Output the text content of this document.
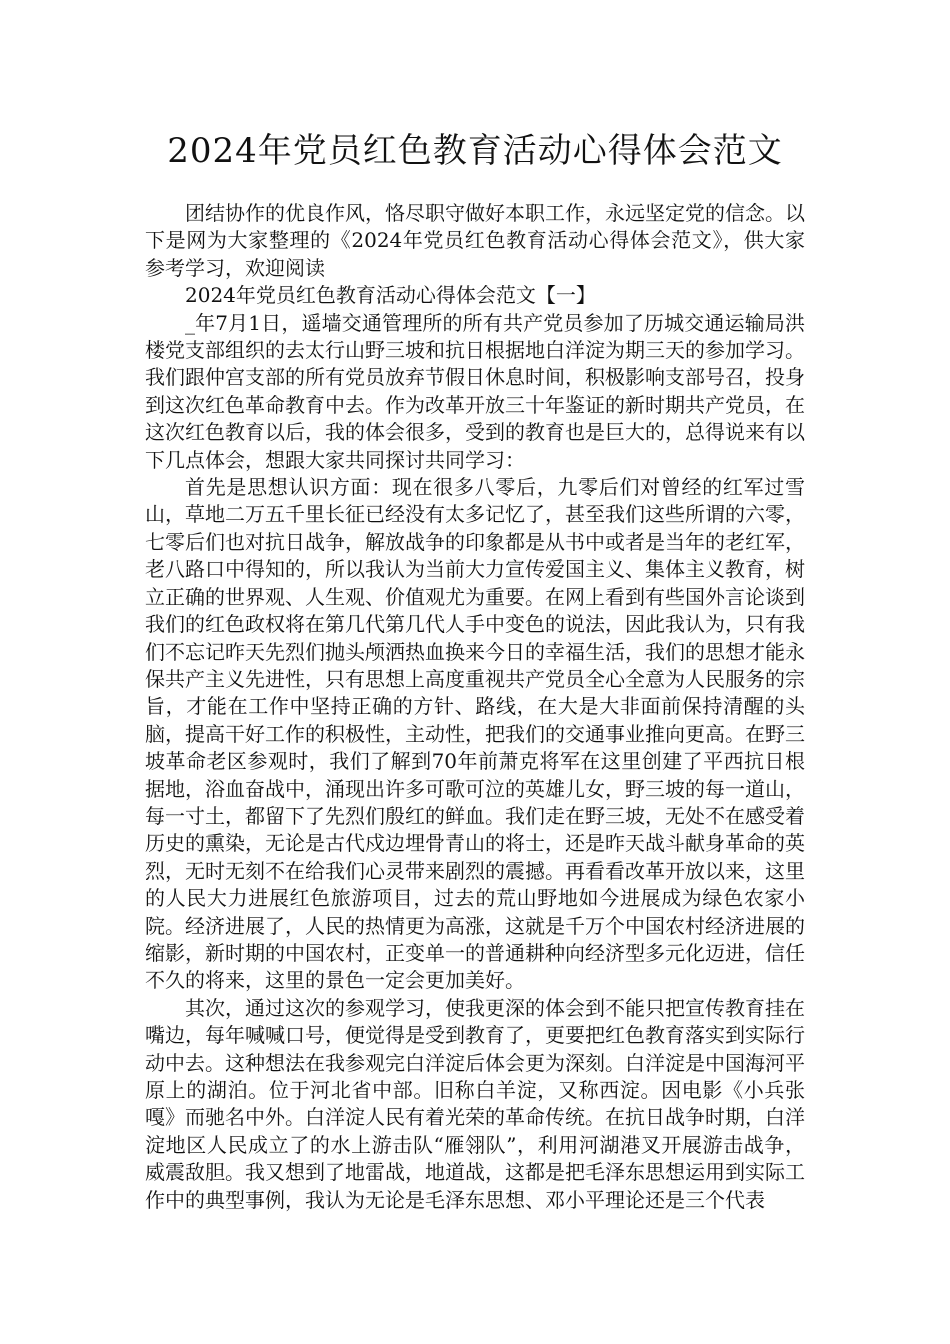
2024年党员红色教育活动心得体会范文

团结协作的优良作风，恪尽职守做好本职工作，永远坚定党的信念。以下是网为大家整理的《2024年党员红色教育活动心得体会范文》，供大家参考学习，欢迎阅读

2024年党员红色教育活动心得体会范文【一】

_年7月1日，遥墙交通管理所的所有共产党员参加了历城交通运输局洪楼党支部组织的去太行山野三坡和抗日根据地白洋淀为期三天的参加学习。我们跟仲宫支部的所有党员放弃节假日休息时间，积极影响支部号召，投身到这次红色革命教育中去。作为改革开放三十年鉴证的新时期共产党员，在这次红色教育以后，我的体会很多，受到的教育也是巨大的，总得说来有以下几点体会，想跟大家共同探讨共同学习：

首先是思想认识方面：现在很多八零后，九零后们对曾经的红军过雪山，草地二万五千里长征已经没有太多记忆了，甚至我们这些所谓的六零，七零后们也对抗日战争，解放战争的印象都是从书中或者是当年的老红军，老八路口中得知的，所以我认为当前大力宣传爱国主义、集体主义教育，树立正确的世界观、人生观、价值观尤为重要。在网上看到有些国外言论谈到我们的红色政权将在第几代第几代人手中变色的说法，因此我认为，只有我们不忘记昨天先烈们抛头颅洒热血换来今日的幸福生活，我们的思想才能永保共产主义先进性，只有思想上高度重视共产党员全心全意为人民服务的宗旨，才能在工作中坚持正确的方针、路线，在大是大非面前保持清醒的头脑，提高干好工作的积极性，主动性，把我们的交通事业推向更高。在野三坡革命老区参观时，我们了解到70年前萧克将军在这里创建了平西抗日根据地，浴血奋战中，涌现出许多可歌可泣的英雄儿女，野三坡的每一道山，每一寸土，都留下了先烈们殷红的鲜血。我们走在野三坡，无处不在感受着历史的熏染，无论是古代戍边埋骨青山的将士，还是昨天战斗献身革命的英烈，无时无刻不在给我们心灵带来剧烈的震撼。再看看改革开放以来，这里的人民大力进展红色旅游项目，过去的荒山野地如今进展成为绿色农家小院。经济进展了，人民的热情更为高涨，这就是千万个中国农村经济进展的缩影，新时期的中国农村，正变单一的普通耕种向经济型多元化迈进，信任不久的将来，这里的景色一定会更加美好。

其次，通过这次的参观学习，使我更深的体会到不能只把宣传教育挂在嘴边，每年喊喊口号，便觉得是受到教育了，更要把红色教育落实到实际行动中去。这种想法在我参观完白洋淀后体会更为深刻。白洋淀是中国海河平原上的湖泊。位于河北省中部。旧称白羊淀，又称西淀。因电影《小兵张嘎》而驰名中外。白洋淀人民有着光荣的革命传统。在抗日战争时期，白洋淀地区人民成立了的水上游击队“雁翎队”，利用河湖港叉开展游击战争，威震敌胆。我又想到了地雷战，地道战，这都是把毛泽东思想运用到实际工作中的典型事例，我认为无论是毛泽东思想、邓小平理论还是三个代表
